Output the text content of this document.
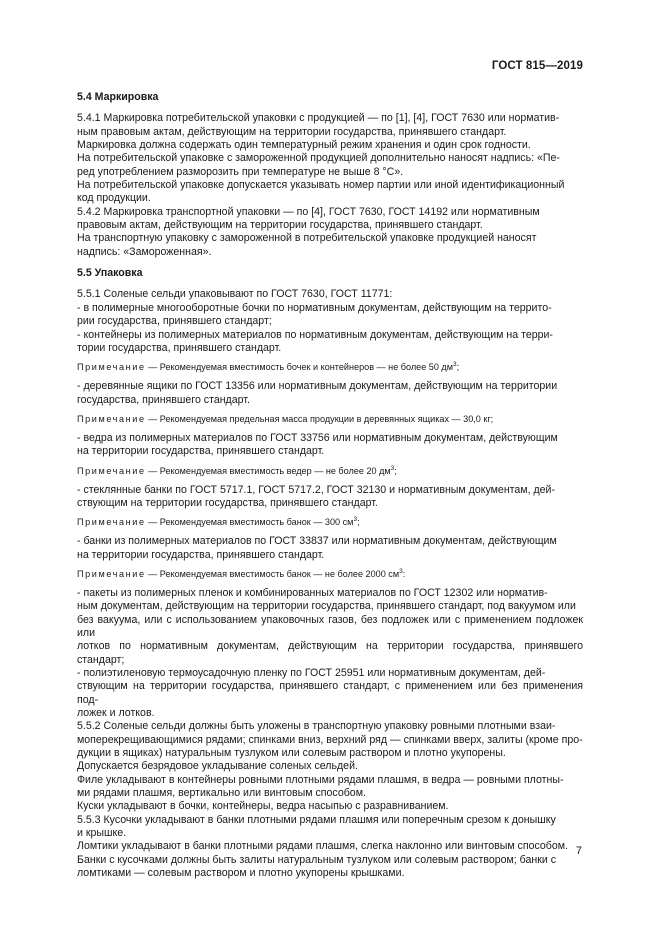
ГОСТ 815—2019

5.4 Маркировка

5.4.1 Маркировка потребительской упаковки с продукцией — по [1], [4], ГОСТ 7630 или норматив-
ным правовым актам, действующим на территории государства, принявшего стандарт.

Маркировка должна содержать один температурный режим хранения и один срок годности.

На потребительской упаковке с замороженной продукцией дополнительно наносят надпись: «Пе-
ред употреблением разморозить при температуре не выше 8 °С».

На потребительской упаковке допускается указывать номер партии или иной идентификационный
код продукции.

5.4.2 Маркировка транспортной упаковки — по [4], ГОСТ 7630, ГОСТ 14192 или нормативным
правовым актам, действующим на территории государства, принявшего стандарт.

На транспортную упаковку с замороженной в потребительской упаковке продукцией наносят
надпись: «Замороженная».

5.5 Упаковка

5.5.1 Соленые сельди упаковывают по ГОСТ 7630, ГОСТ 11771:

- в полимерные многооборотные бочки по нормативным документам, действующим на террито-
рии государства, принявшего стандарт;

- контейнеры из полимерных материалов по нормативным документам, действующим на терри-
тории государства, принявшего стандарт.

Примечание — Рекомендуемая вместимость бочек и контейнеров — не более 50 $дм^3$;

- деревянные ящики по ГОСТ 13356 или нормативным документам, действующим на территории
государства, принявшего стандарт.

Примечание — Рекомендуемая предельная масса продукции в деревянных ящиках — 30,0 кг;

- ведра из полимерных материалов по ГОСТ 33756 или нормативным документам, действующим
на территории государства, принявшего стандарт.

Примечание — Рекомендуемая вместимость ведер — не более 20 $дм^3$;

- стеклянные банки по ГОСТ 5717.1, ГОСТ 5717.2, ГОСТ 32130 и нормативным документам, дей-
ствующим на территории государства, принявшего стандарт.

Примечание — Рекомендуемая вместимость банок — 300 $см^3$;

- банки из полимерных материалов по ГОСТ 33837 или нормативным документам, действующим
на территории государства, принявшего стандарт.

Примечание — Рекомендуемая вместимость банок — не более 2000 $см^3$:

- пакеты из полимерных пленок и комбинированных материалов по ГОСТ 12302 или норматив-
ным документам, действующим на территории государства, принявшего стандарт, под вакуумом или
без вакуума, или с использованием упаковочных газов, без подложек или с применением подложек или
лотков по нормативным документам, действующим на территории государства, принявшего стандарт;

- полиэтиленовую термоусадочную пленку по ГОСТ 25951 или нормативным документам, дей-
ствующим на территории государства, принявшего стандарт, с применением или без применения под-
ложек и лотков.

5.5.2 Соленые сельди должны быть уложены в транспортную упаковку ровными плотными взаи-
моперекрещивающимися рядами; спинками вниз, верхний ряд — спинками вверх, залиты (кроме про-
дукции в ящиках) натуральным тузлуком или солевым раствором и плотно укупорены.

Допускается безрядовое укладывание соленых сельдей.

Филе укладывают в контейнеры ровными плотными рядами плашмя, в ведра — ровными плотны-
ми рядами плашмя, вертикально или винтовым способом.

Куски укладывают в бочки, контейнеры, ведра насыпью с разравниванием.

5.5.3 Кусочки укладывают в банки плотными рядами плашмя или поперечным срезом к донышку
и крышке.

Ломтики укладывают в банки плотными рядами плашмя, слегка наклонно или винтовым способом.

Банки с кусочками должны быть залиты натуральным тузлуком или солевым раствором; банки с
ломтиками — солевым раствором и плотно укупорены крышками.

7
